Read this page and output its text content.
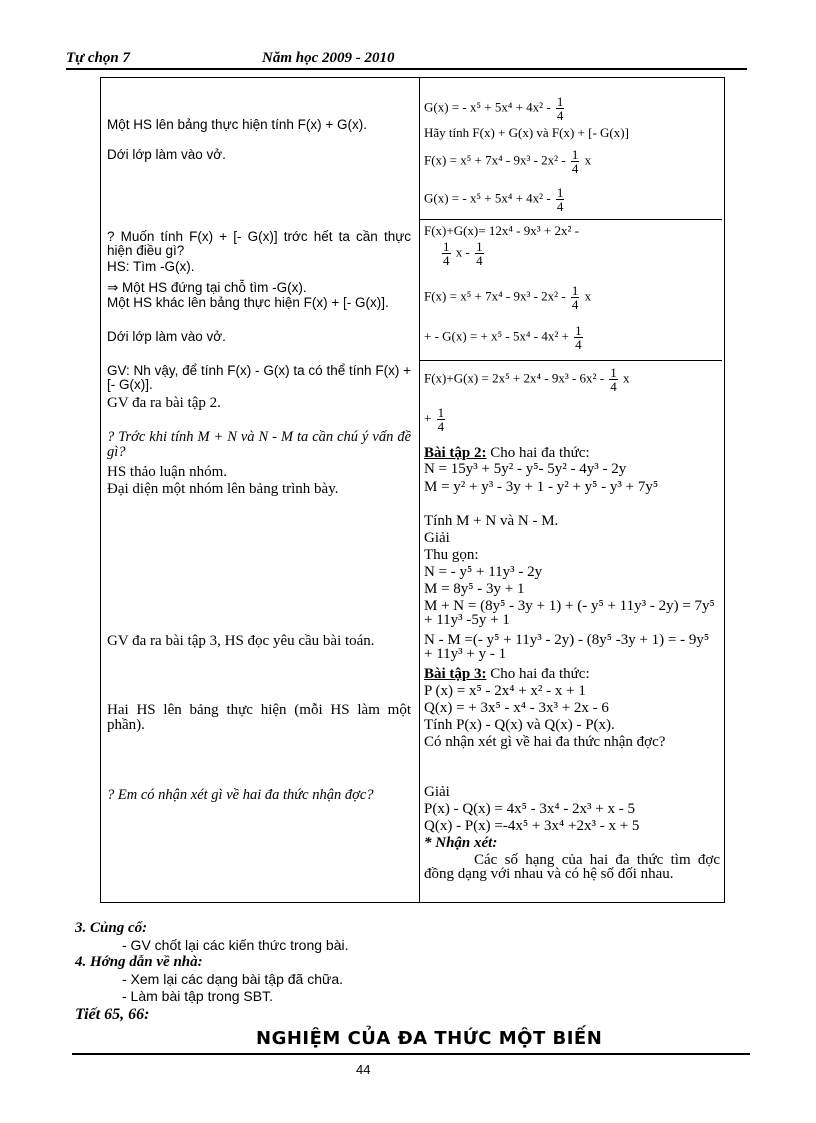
Tự chọn 7	Năm học 2009 - 2010
Một HS lên bảng thực hiện tính F(x) + G(x).
Dới lớp làm vào vở.
? Muốn tính F(x) + [- G(x)] trớc hết ta cần thực hiện điều gì?
HS: Tìm -G(x).
⇒ Một HS đứng tại chỗ tìm -G(x).
Một HS khác lên bảng thực hiện F(x) + [- G(x)].
Dới lớp làm vào vở.
GV: Nh vậy, để tính F(x) - G(x) ta có thể tính F(x) + [- G(x)].
GV đa ra bài tập 2.
? Trớc khi tính M + N và N - M ta cần chú ý vấn đề gì?
HS thảo luận nhóm.
Đại diện một nhóm lên bảng trình bày.
GV đa ra bài tập 3, HS đọc yêu cầu bài toán.
Hai HS lên bảng thực hiện (mỗi HS làm một phần).
? Em có nhận xét gì về hai đa thức nhận đợc?
G(x) = - $x^5 + 5x^4 + 4x^2 - \frac{1}{4}$
Hãy tính F(x) + G(x) và F(x) + [- G(x)]
$F(x) = x^5 + 7x^4 - 9x^3 - 2x^2 - \frac{1}{4}$ x
G(x) = - $x^5 + 5x^4 + 4x^2 - \frac{1}{4}$
F(x)+G(x)= 12x⁴ - 9x³ + 2x² -
$\frac{1}{4}$ x - $\frac{1}{4}$
$F(x) = x^5 + 7x^4 - 9x^3 - 2x^2 - \frac{1}{4}$ x
+ - G(x) = + $x^5 - 5x^4 - 4x^2 + \frac{1}{4}$
$F(x)+G(x) = 2x^5 + 2x^4 - 9x^3 - 6x^2 - \frac{1}{4}$ x
+ $\frac{1}{4}$
Bài tập 2: Cho hai đa thức:
N = 15y³ + 5y² - y⁵- 5y² - 4y³ - 2y
M = y² + y³ - 3y + 1 - y² + y⁵ - y³ + 7y⁵
Tính M + N và N - M.
Giải
Thu gọn:
N = - y⁵ + 11y³ - 2y
M = 8y⁵ - 3y + 1
M + N = (8y⁵ - 3y + 1) + (- y⁵ + 11y³ - 2y) = 7y⁵ + 11y³ -5y + 1
N - M =(- y⁵ + 11y³ - 2y) - (8y⁵ -3y + 1) = - 9y⁵ + 11y³ + y - 1
Bài tập 3: Cho hai đa thức:
P (x) = x⁵ - 2x⁴ + x² - x + 1
Q(x) = + 3x⁵ - x⁴ - 3x³ + 2x - 6
Tính P(x) - Q(x) và Q(x) - P(x).
Có nhận xét gì về hai đa thức nhận đợc?
Giải
P(x) - Q(x) = 4x⁵ - 3x⁴ - 2x³ + x - 5
Q(x) - P(x) =-4x⁵ + 3x⁴ +2x³ - x + 5
* Nhận xét:
Các số hạng của hai đa thức tìm đợc đồng dạng với nhau và có hệ số đối nhau.
3. Củng cố:
- GV chốt lại các kiến thức trong bài.
4. Hớng dẫn về nhà:
- Xem lại các dạng bài tập đã chữa.
- Làm bài tập trong SBT.
Tiết 65, 66:
NGHIỆM CỦA ĐA THỨC MỘT BIẾN
44
